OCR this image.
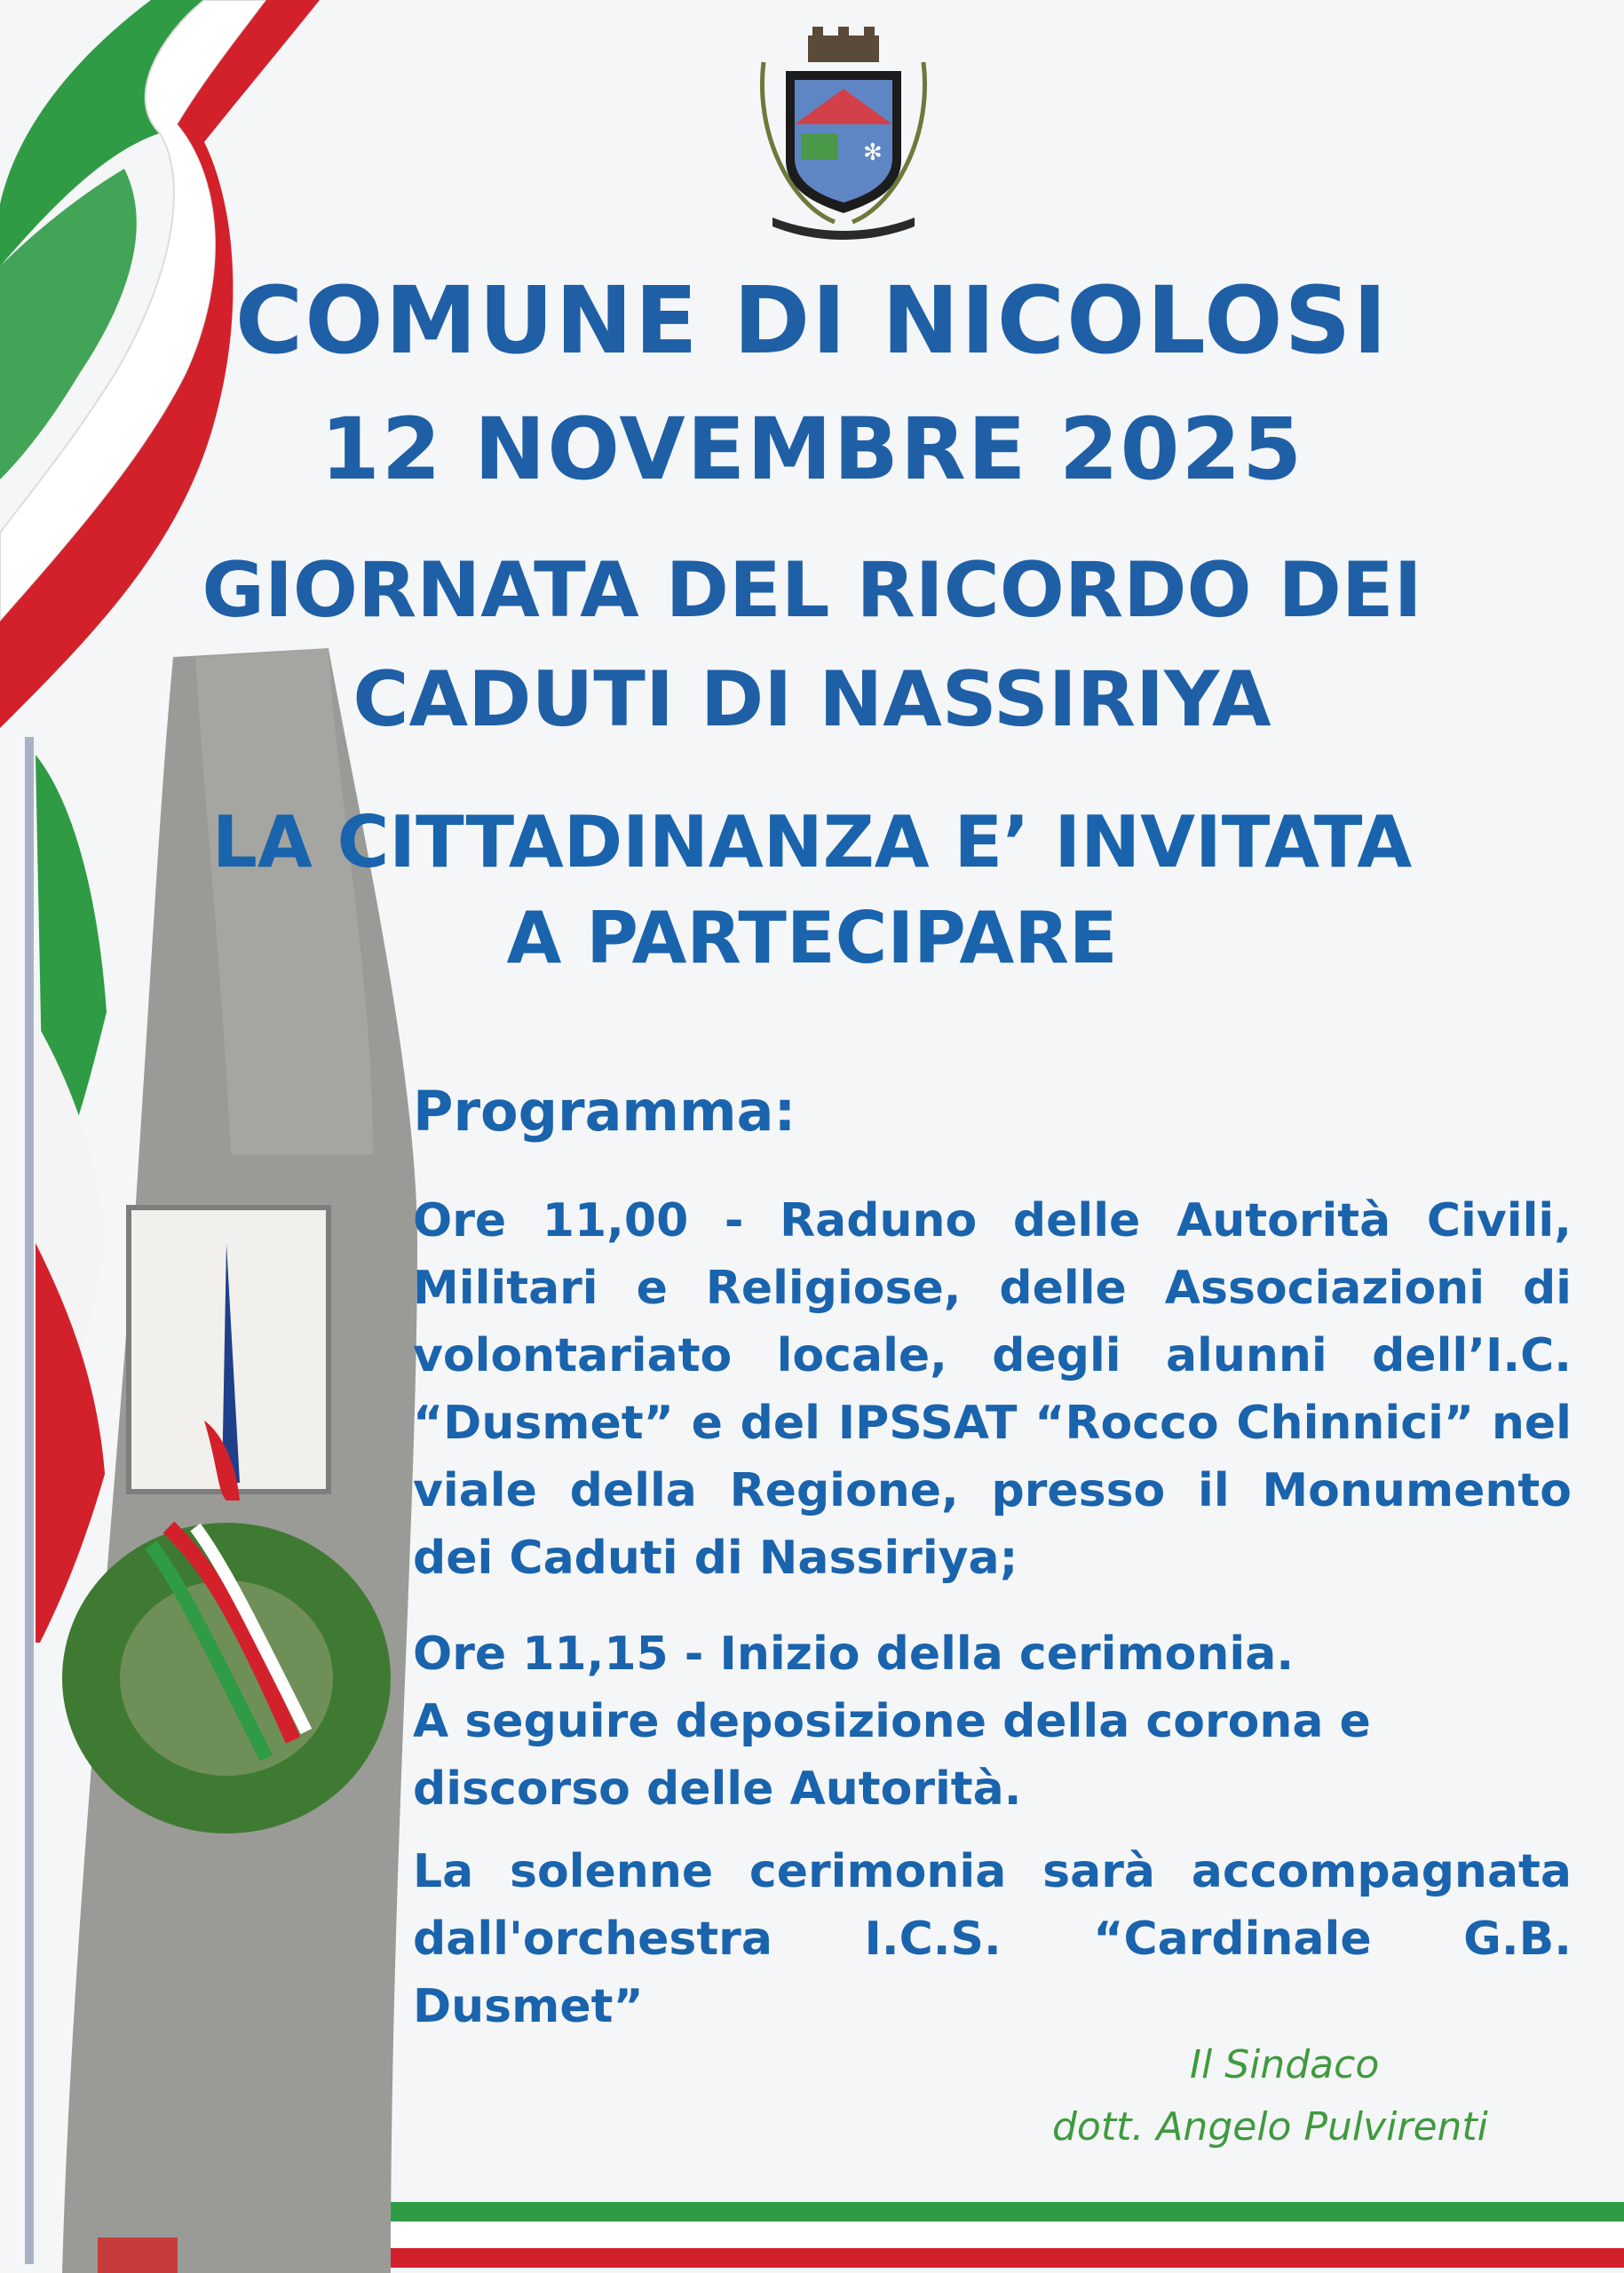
✻
COMUNE DI NICOLOSI
12 NOVEMBRE 2025
GIORNATA DEL RICORDO DEI
CADUTI DI NASSIRIYA
LA CITTADINANZA E’ INVITATA
A PARTECIPARE
Programma:
Ore 11,00 - Raduno delle Autorità Civili, Militari e Religiose, delle Associazioni di volontariato locale, degli alunni dell’I.C. “Dusmet” e del IPSSAT “Rocco Chinnici” nel viale della Regione, presso il Monumento dei Caduti di Nassiriya;
Ore 11,15 - Inizio della cerimonia.
A seguire deposizione della corona e discorso delle Autorità.
La solenne cerimonia sarà accompagnata dall'orchestra I.C.S. “Cardinale G.B. Dusmet”
Il Sindaco
dott. Angelo Pulvirenti
